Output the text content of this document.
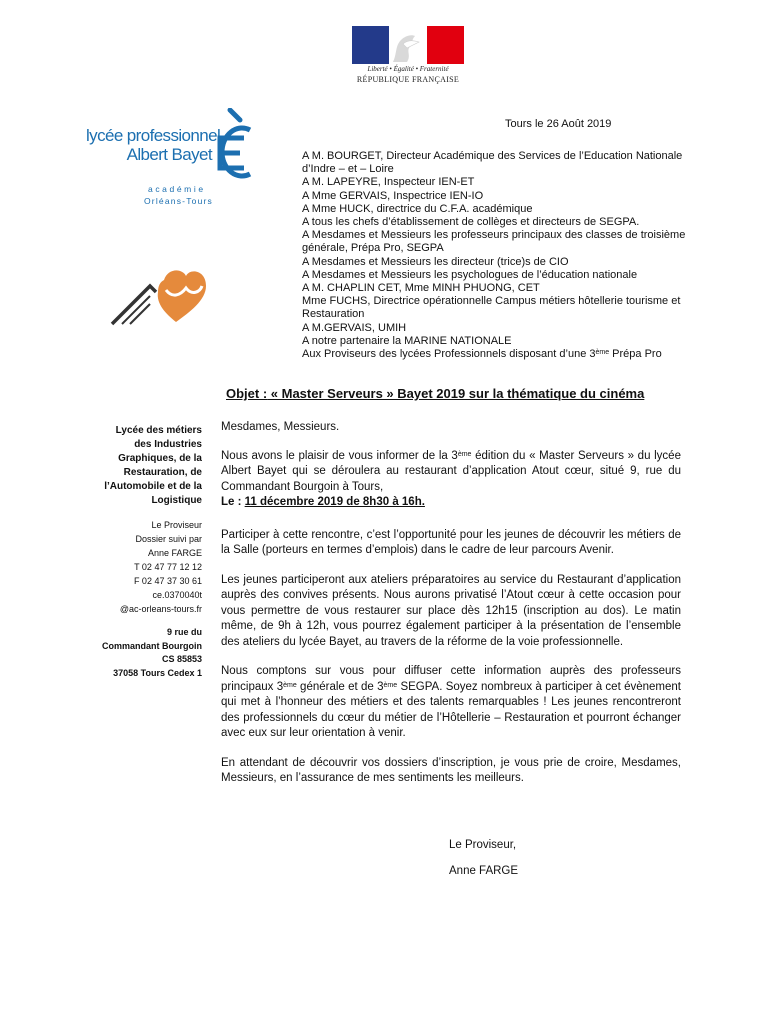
Liberté • Égalité • Fraternité
RÉPUBLIQUE FRANÇAISE
lycée professionnel
Albert Bayet
académie
Orléans-Tours
Tours le 26 Août 2019
A M. BOURGET, Directeur Académique des Services de l’Education Nationale
d’Indre – et – Loire
A M. LAPEYRE, Inspecteur IEN-ET
A Mme GERVAIS, Inspectrice IEN-IO
A Mme HUCK, directrice du C.F.A. académique
A tous les chefs d’établissement de collèges et directeurs de SEGPA.
A Mesdames et Messieurs les professeurs principaux des classes de troisième
générale, Prépa Pro, SEGPA
A Mesdames et Messieurs les directeur (trice)s de CIO
A Mesdames et Messieurs les psychologues de l’éducation nationale
A M. CHAPLIN CET, Mme MINH PHUONG, CET
Mme FUCHS, Directrice opérationnelle Campus métiers hôtellerie tourisme et
Restauration
A M.GERVAIS, UMIH
A notre partenaire la MARINE NATIONALE
Aux Proviseurs des lycées Professionnels disposant d’une 3ème Prépa Pro
Objet : « Master Serveurs » Bayet 2019 sur la thématique du cinéma
Lycée des métiers
des Industries
Graphiques, de la
Restauration, de
l’Automobile et de la
Logistique
Le Proviseur
Dossier suivi par
Anne FARGE
T 02 47 77 12 12
F 02 47 37 30 61
ce.0370040t
@ac-orleans-tours.fr
9 rue du
Commandant Bourgoin
CS 85853
37058 Tours Cedex 1

Mesdames, Messieurs.

Nous avons le plaisir de vous informer de la 3ème édition du « Master Serveurs » du lycée Albert Bayet qui se déroulera au restaurant d’application Atout cœur, situé 9, rue du Commandant Bourgoin à Tours,

Le : 11 décembre 2019 de 8h30 à 16h.

Participer à cette rencontre, c’est l’opportunité pour les jeunes de découvrir les métiers de la Salle (porteurs en termes d’emplois) dans le cadre de leur parcours Avenir.

Les jeunes participeront aux ateliers préparatoires au service du Restaurant d’application auprès des convives présents. Nous aurons privatisé l’Atout cœur à cette occasion pour vous permettre de vous restaurer sur place dès 12h15 (inscription au dos). Le matin même, de 9h à 12h, vous pourrez également participer à la présentation de l’ensemble des ateliers du lycée Bayet, au travers de la réforme de la voie professionnelle.

Nous comptons sur vous pour diffuser cette information auprès des professeurs principaux 3ème générale et de 3ème SEGPA. Soyez nombreux à participer à cet évènement qui met à l’honneur des métiers et des talents remarquables ! Les jeunes rencontreront des professionnels du cœur du métier de l’Hôtellerie – Restauration et pourront échanger avec eux sur leur orientation à venir.

En attendant de découvrir vos dossiers d’inscription, je vous prie de croire, Mesdames, Messieurs, en l’assurance de mes sentiments les meilleurs.

Le Proviseur,
Anne FARGE
